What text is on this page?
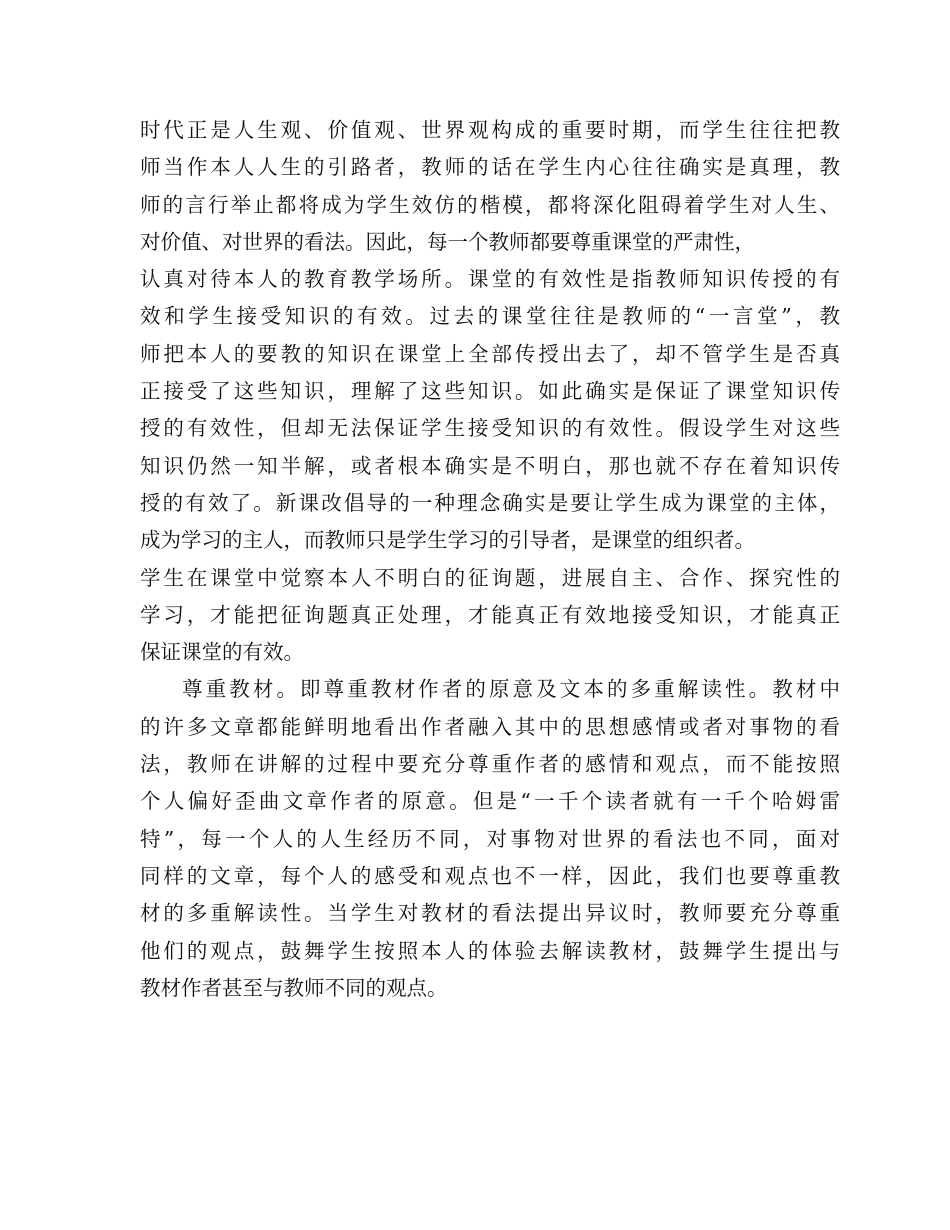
时代正是人生观、价值观、世界观构成的重要时期，而学生往往把教
师当作本人人生的引路者，教师的话在学生内心往往确实是真理，教
师的言行举止都将成为学生效仿的楷模，都将深化阻碍着学生对人生、
对价值、对世界的看法。因此，每一个教师都要尊重课堂的严肃性，
认真对待本人的教育教学场所。课堂的有效性是指教师知识传授的有
效和学生接受知识的有效。过去的课堂往往是教师的“一言堂”，教
师把本人的要教的知识在课堂上全部传授出去了，却不管学生是否真
正接受了这些知识，理解了这些知识。如此确实是保证了课堂知识传
授的有效性，但却无法保证学生接受知识的有效性。假设学生对这些
知识仍然一知半解，或者根本确实是不明白，那也就不存在着知识传
授的有效了。新课改倡导的一种理念确实是要让学生成为课堂的主体，
成为学习的主人，而教师只是学生学习的引导者，是课堂的组织者。
学生在课堂中觉察本人不明白的征询题，进展自主、合作、探究性的
学习，才能把征询题真正处理，才能真正有效地接受知识，才能真正
保证课堂的有效。
尊重教材。即尊重教材作者的原意及文本的多重解读性。教材中
的许多文章都能鲜明地看出作者融入其中的思想感情或者对事物的看
法，教师在讲解的过程中要充分尊重作者的感情和观点，而不能按照
个人偏好歪曲文章作者的原意。但是“一千个读者就有一千个哈姆雷
特”，每一个人的人生经历不同，对事物对世界的看法也不同，面对
同样的文章，每个人的感受和观点也不一样，因此，我们也要尊重教
材的多重解读性。当学生对教材的看法提出异议时，教师要充分尊重
他们的观点，鼓舞学生按照本人的体验去解读教材，鼓舞学生提出与
教材作者甚至与教师不同的观点。
